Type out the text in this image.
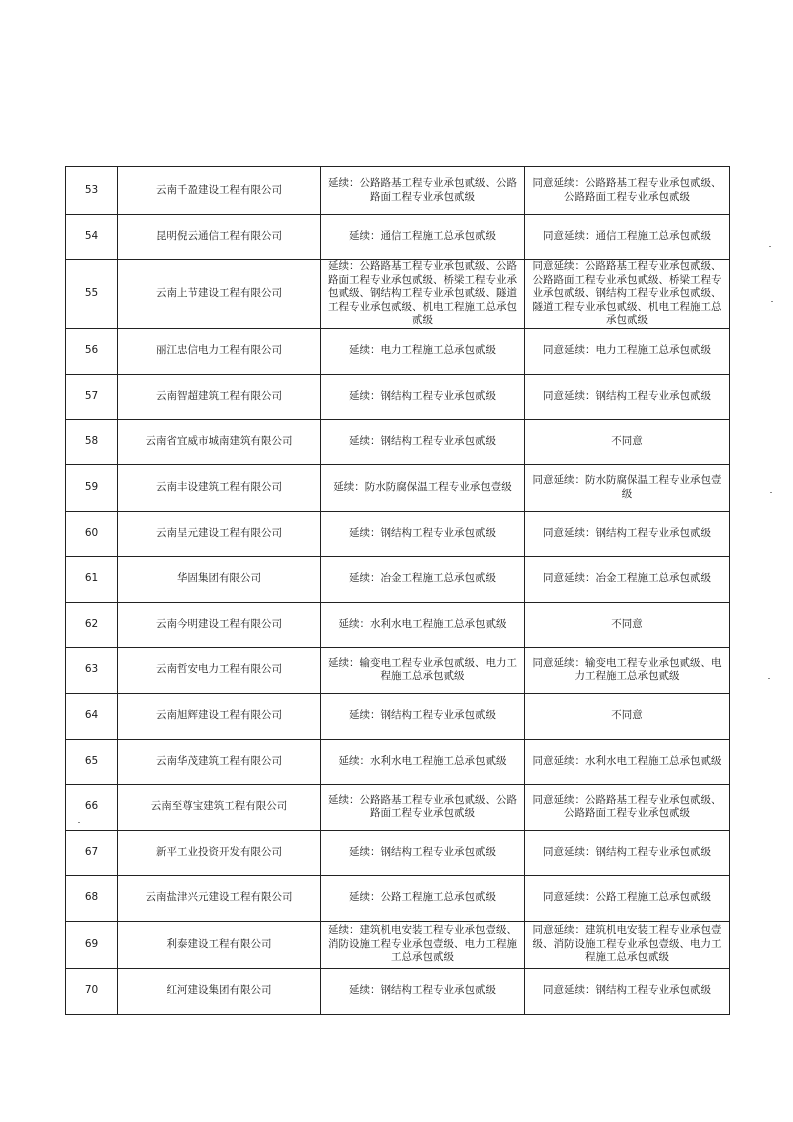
53	云南千盈建设工程有限公司	延续：公路路基工程专业承包贰级、公路路面工程专业承包贰级	同意延续：公路路基工程专业承包贰级、公路路面工程专业承包贰级
54	昆明倪云通信工程有限公司	延续：通信工程施工总承包贰级	同意延续：通信工程施工总承包贰级
55	云南上节建设工程有限公司	延续：公路路基工程专业承包贰级、公路路面工程专业承包贰级、桥梁工程专业承包贰级、钢结构工程专业承包贰级、隧道工程专业承包贰级、机电工程施工总承包贰级	同意延续：公路路基工程专业承包贰级、公路路面工程专业承包贰级、桥梁工程专业承包贰级、钢结构工程专业承包贰级、隧道工程专业承包贰级、机电工程施工总承包贰级
56	丽江忠信电力工程有限公司	延续：电力工程施工总承包贰级	同意延续：电力工程施工总承包贰级
57	云南智超建筑工程有限公司	延续：钢结构工程专业承包贰级	同意延续：钢结构工程专业承包贰级
58	云南省宜威市城南建筑有限公司	延续：钢结构工程专业承包贰级	不同意
59	云南丰设建筑工程有限公司	延续：防水防腐保温工程专业承包壹级	同意延续：防水防腐保温工程专业承包壹级
60	云南呈元建设工程有限公司	延续：钢结构工程专业承包贰级	同意延续：钢结构工程专业承包贰级
61	华固集团有限公司	延续：冶金工程施工总承包贰级	同意延续：冶金工程施工总承包贰级
62	云南今明建设工程有限公司	延续：水利水电工程施工总承包贰级	不同意
63	云南哲安电力工程有限公司	延续：输变电工程专业承包贰级、电力工程施工总承包贰级	同意延续：输变电工程专业承包贰级、电力工程施工总承包贰级
64	云南旭辉建设工程有限公司	延续：钢结构工程专业承包贰级	不同意
65	云南华茂建筑工程有限公司	延续：水利水电工程施工总承包贰级	同意延续：水利水电工程施工总承包贰级
66	云南至尊宝建筑工程有限公司	延续：公路路基工程专业承包贰级、公路路面工程专业承包贰级	同意延续：公路路基工程专业承包贰级、公路路面工程专业承包贰级
67	新平工业投资开发有限公司	延续：钢结构工程专业承包贰级	同意延续：钢结构工程专业承包贰级
68	云南盐津兴元建设工程有限公司	延续：公路工程施工总承包贰级	同意延续：公路工程施工总承包贰级
69	利泰建设工程有限公司	延续：建筑机电安装工程专业承包壹级、消防设施工程专业承包壹级、电力工程施工总承包贰级	同意延续：建筑机电安装工程专业承包壹级、消防设施工程专业承包壹级、电力工程施工总承包贰级
70	红河建设集团有限公司	延续：钢结构工程专业承包贰级	同意延续：钢结构工程专业承包贰级
